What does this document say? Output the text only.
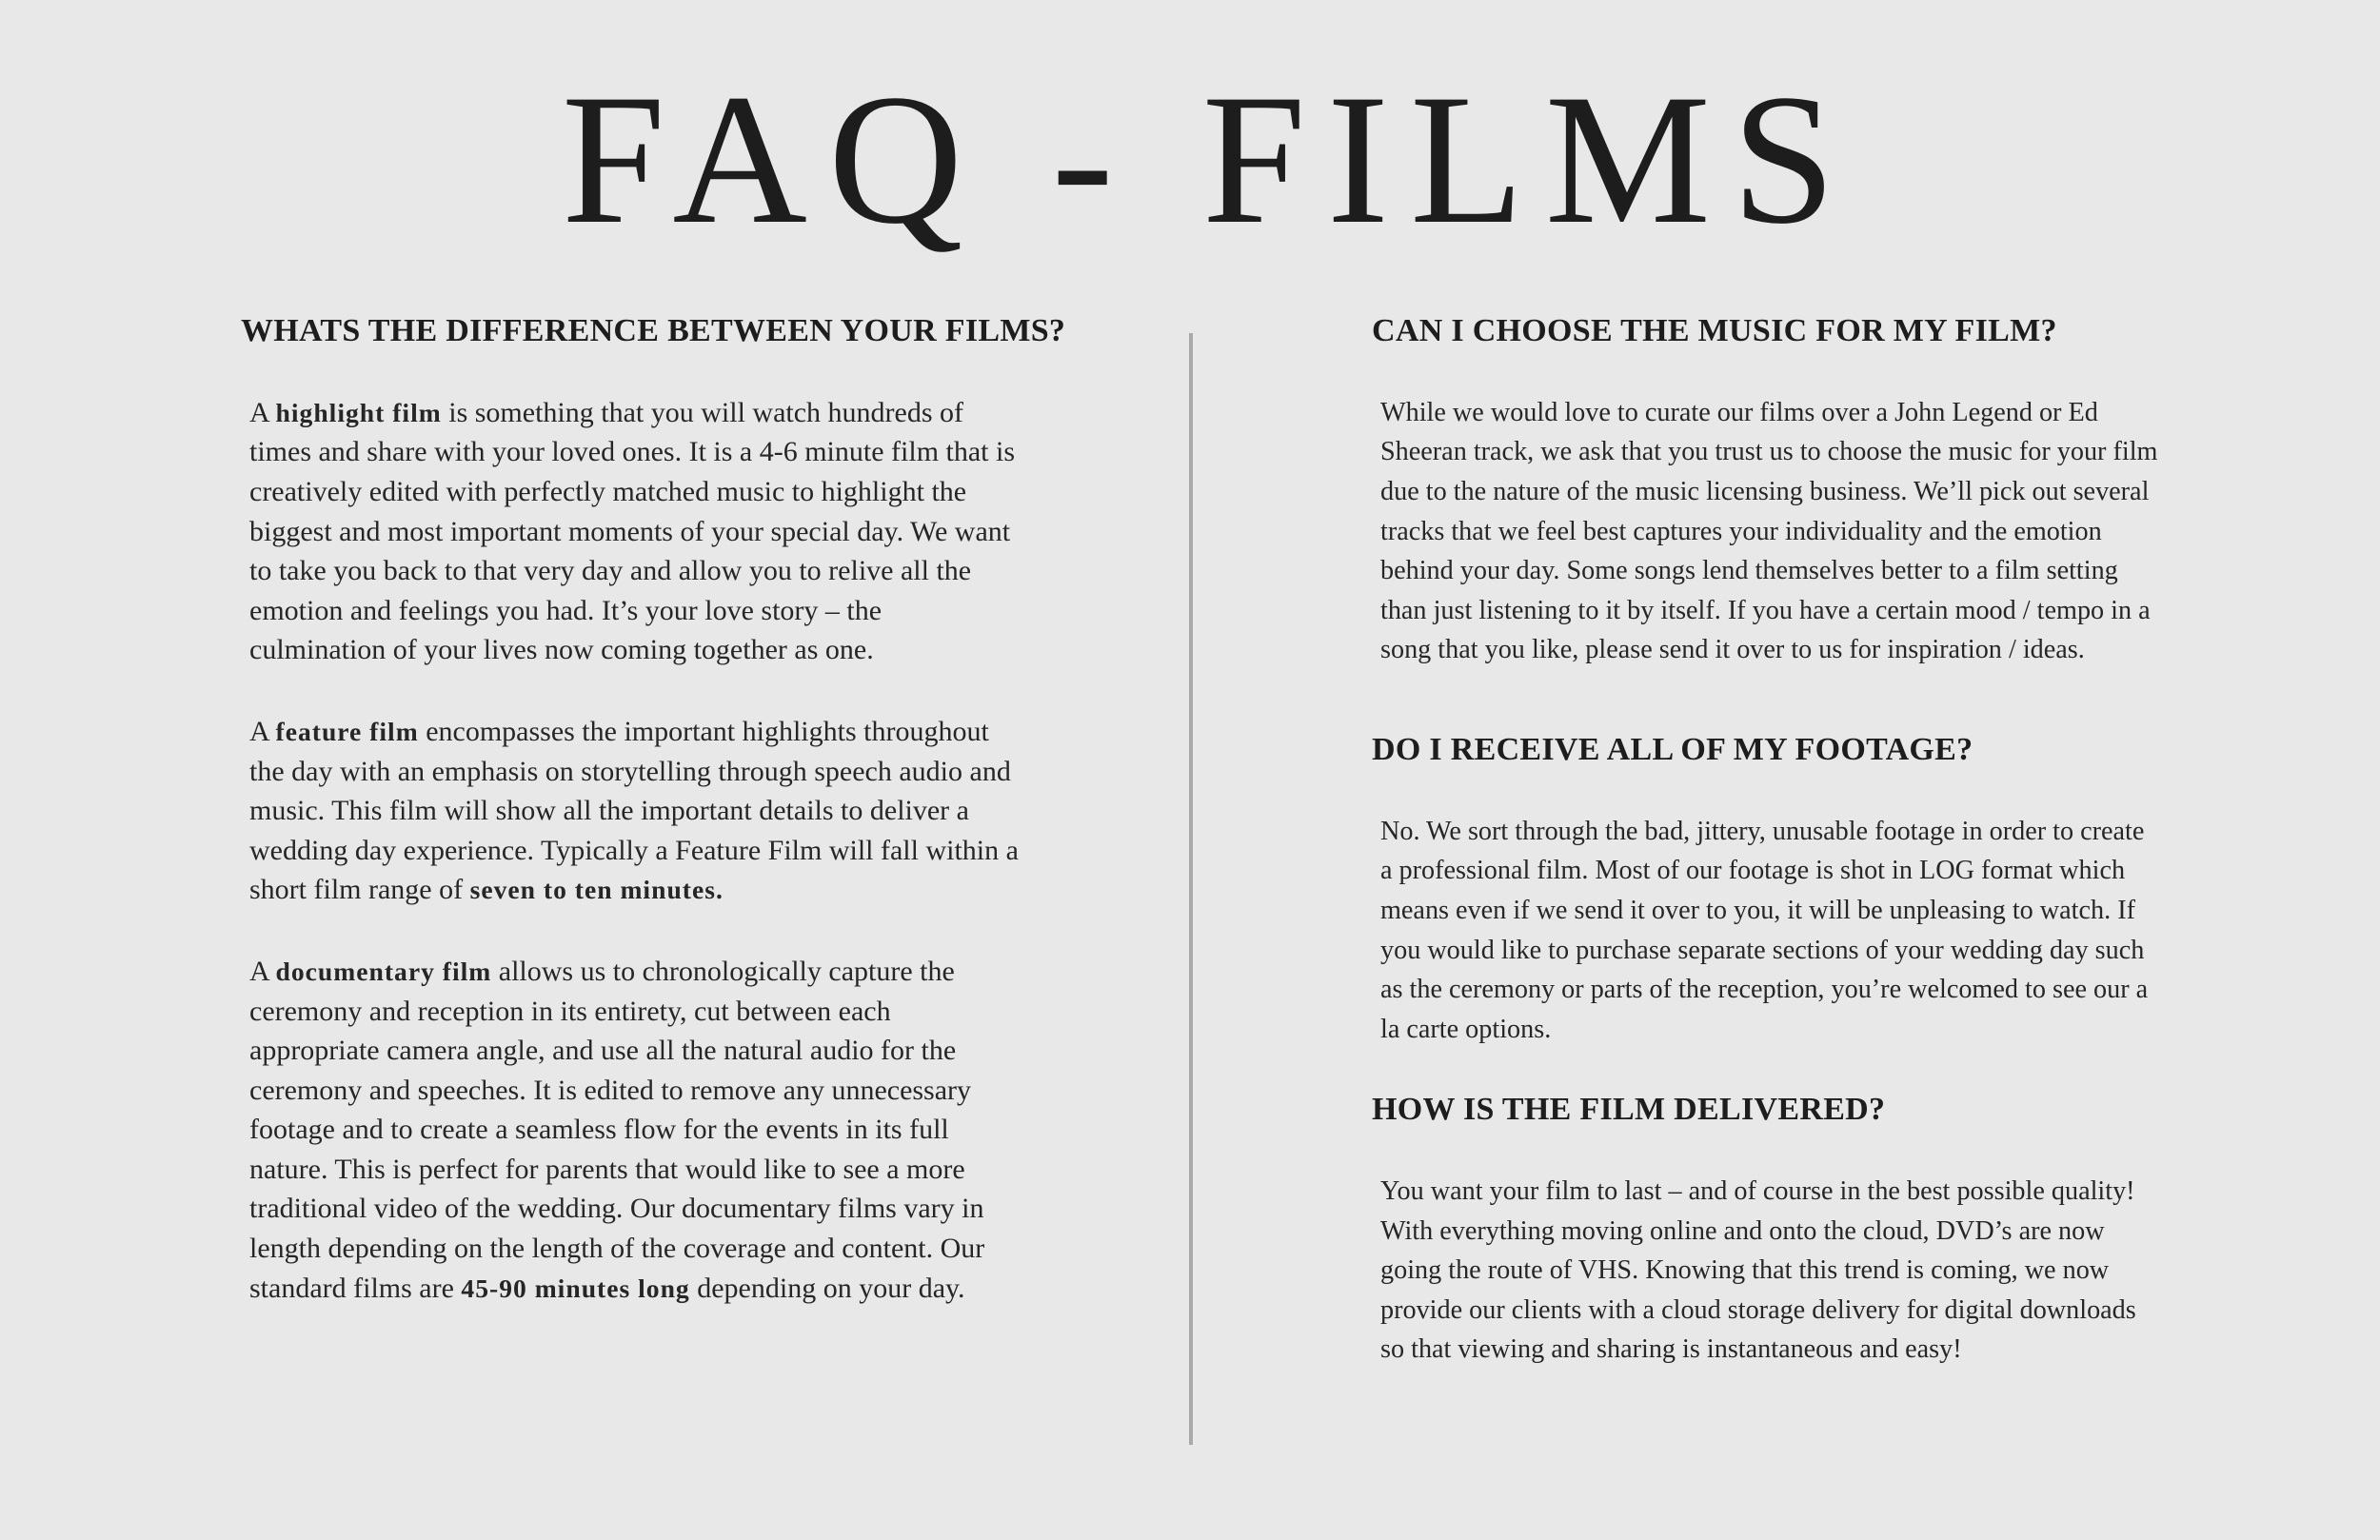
FAQ - FILMS
WHATS THE DIFFERENCE BETWEEN YOUR FILMS?

A highlight film is something that you will watch hundreds of times and share with your loved ones. It is a 4-6 minute film that is creatively edited with perfectly matched music to highlight the biggest and most important moments of your special day. We want to take you back to that very day and allow you to relive all the emotion and feelings you had. It’s your love story – the culmination of your lives now coming together as one.

A feature film encompasses the important highlights throughout the day with an emphasis on storytelling through speech audio and music. This film will show all the important details to deliver a wedding day experience. Typically a Feature Film will fall within a short film range of seven to ten minutes.

A documentary film allows us to chronologically capture the ceremony and reception in its entirety, cut between each appropriate camera angle, and use all the natural audio for the ceremony and speeches. It is edited to remove any unnecessary footage and to create a seamless flow for the events in its full nature. This is perfect for parents that would like to see a more traditional video of the wedding. Our documentary films vary in length depending on the length of the coverage and content. Our standard films are 45-90 minutes long depending on your day.

CAN I CHOOSE THE MUSIC FOR MY FILM?

While we would love to curate our films over a John Legend or Ed Sheeran track, we ask that you trust us to choose the music for your film due to the nature of the music licensing business. We’ll pick out several tracks that we feel best captures your individuality and the emotion behind your day. Some songs lend themselves better to a film setting than just listening to it by itself. If you have a certain mood / tempo in a song that you like, please send it over to us for inspiration / ideas.

DO I RECEIVE ALL OF MY FOOTAGE?

No. We sort through the bad, jittery, unusable footage in order to create a professional film. Most of our footage is shot in LOG format which means even if we send it over to you, it will be unpleasing to watch. If you would like to purchase separate sections of your wedding day such as the ceremony or parts of the reception, you’re welcomed to see our a la carte options.

HOW IS THE FILM DELIVERED?

You want your film to last – and of course in the best possible quality! With everything moving online and onto the cloud, DVD’s are now going the route of VHS. Knowing that this trend is coming, we now provide our clients with a cloud storage delivery for digital downloads so that viewing and sharing is instantaneous and easy!
